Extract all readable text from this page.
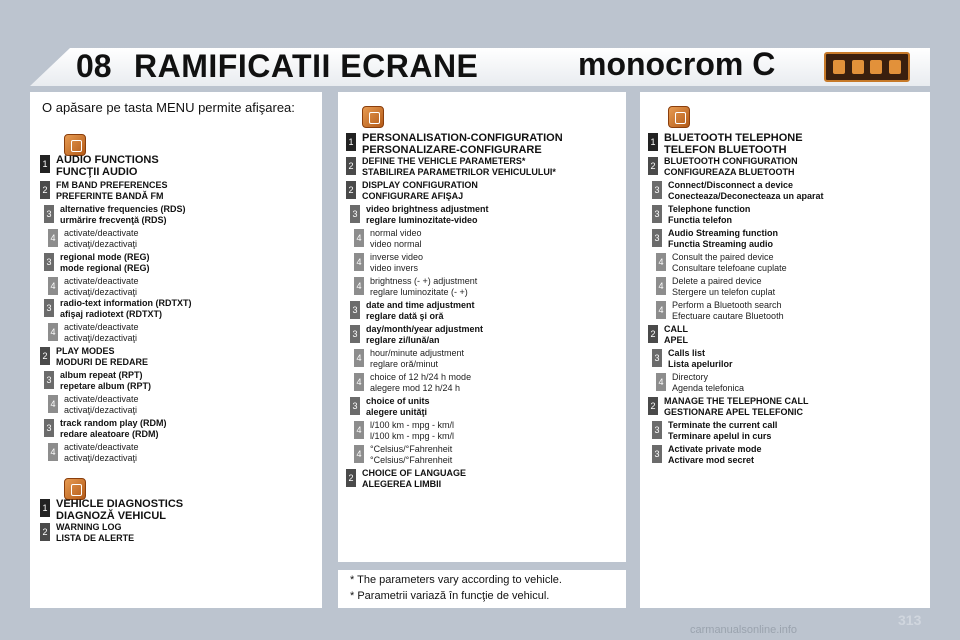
08 RAMIFICATII ECRANE	monocrom C
O apăsare pe tasta MENU permite afişarea:
1 AUDIO FUNCTIONS
FUNCŢII AUDIO
2 FM BAND PREFERENCES
PREFERINTE BANDĂ FM
3 alternative frequencies (RDS)
urmărire frecvenţă (RDS)
4 activate/deactivate
activaţi/dezactivaţi
3 regional mode (REG)
mode regional (REG)
4 activate/deactivate
activaţi/dezactivaţi
3 radio-text information (RDTXT)
afişaj radiotext (RDTXT)
4 activate/deactivate
activaţi/dezactivaţi
2 PLAY MODES
MODURI DE REDARE
3 album repeat (RPT)
repetare album (RPT)
4 activate/deactivate
activaţi/dezactivaţi
3 track random play (RDM)
redare aleatoare (RDM)
4 activate/deactivate
activaţi/dezactivaţi
1 VEHICLE DIAGNOSTICS
DIAGNOZĂ VEHICUL
2 WARNING LOG
LISTA DE ALERTE
1 PERSONALISATION-CONFIGURATION
PERSONALIZARE-CONFIGURARE
2 DEFINE THE VEHICLE PARAMETERS*
STABILIREA PARAMETRILOR VEHICULULUI*
2 DISPLAY CONFIGURATION
CONFIGURARE AFIŞAJ
3 video brightness adjustment
reglare luminozitate-video
4 normal video
video normal
4 inverse video
video invers
4 brightness (- +) adjustment
reglare luminozitate (- +)
3 date and time adjustment
reglare dată şi oră
3 day/month/year adjustment
reglare zi/lună/an
4 hour/minute adjustment
reglare oră/minut
4 choice of 12 h/24 h mode
alegere mod 12 h/24 h
3 choice of units
alegere unităţi
4 l/100 km - mpg - km/l
l/100 km - mpg - km/l
4 °Celsius/°Fahrenheit
°Celsius/°Fahrenheit
2 CHOICE OF LANGUAGE
ALEGEREA LIMBII
* The parameters vary according to vehicle.
* Parametrii variază în funcţie de vehicul.
1 BLUETOOTH TELEPHONE
TELEFON BLUETOOTH
2 BLUETOOTH CONFIGURATION
CONFIGUREAZA BLUETOOTH
3 Connect/Disconnect a device
Conecteaza/Deconecteaza un aparat
3 Telephone function
Functia telefon
3 Audio Streaming function
Functia Streaming audio
4 Consult the paired device
Consultare telefoane cuplate
4 Delete a paired device
Stergere un telefon cuplat
4 Perform a Bluetooth search
Efectuare cautare Bluetooth
2 CALL
APEL
3 Calls list
Lista apelurilor
4 Directory
Agenda telefonica
2 MANAGE THE TELEPHONE CALL
GESTIONARE APEL TELEFONIC
3 Terminate the current call
Terminare apelul in curs
3 Activate private mode
Activare mod secret
313
carmanualsonline.info
